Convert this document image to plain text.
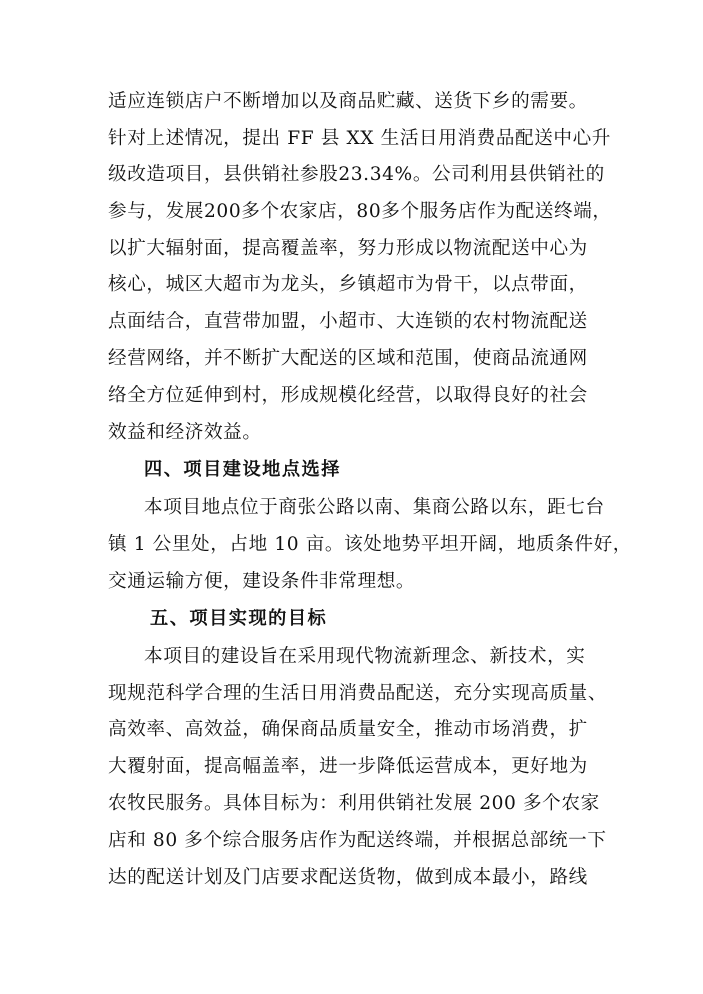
适应连锁店户不断增加以及商品贮藏、送货下乡的需要。
针对上述情况，提出 FF 县 XX 生活日用消费品配送中心升
级改造项目，县供销社参股23.34%。公司利用县供销社的
参与，发展200多个农家店，80多个服务店作为配送终端，
以扩大辐射面，提高覆盖率，努力形成以物流配送中心为
核心，城区大超市为龙头，乡镇超市为骨干，以点带面，
点面结合，直营带加盟，小超市、大连锁的农村物流配送
经营网络，并不断扩大配送的区域和范围，使商品流通网
络全方位延伸到村，形成规模化经营，以取得良好的社会
效益和经济效益。
四、项目建设地点选择
本项目地点位于商张公路以南、集商公路以东，距七台
镇 1 公里处，占地 10 亩。该处地势平坦开阔，地质条件好，
交通运输方便，建设条件非常理想。
五、项目实现的目标
本项目的建设旨在采用现代物流新理念、新技术，实
现规范科学合理的生活日用消费品配送，充分实现高质量、
高效率、高效益，确保商品质量安全，推动市场消费，扩
大覆射面，提高幅盖率，进一步降低运营成本，更好地为
农牧民服务。具体目标为：利用供销社发展 200 多个农家
店和 80 多个综合服务店作为配送终端，并根据总部统一下
达的配送计划及门店要求配送货物，做到成本最小，路线
